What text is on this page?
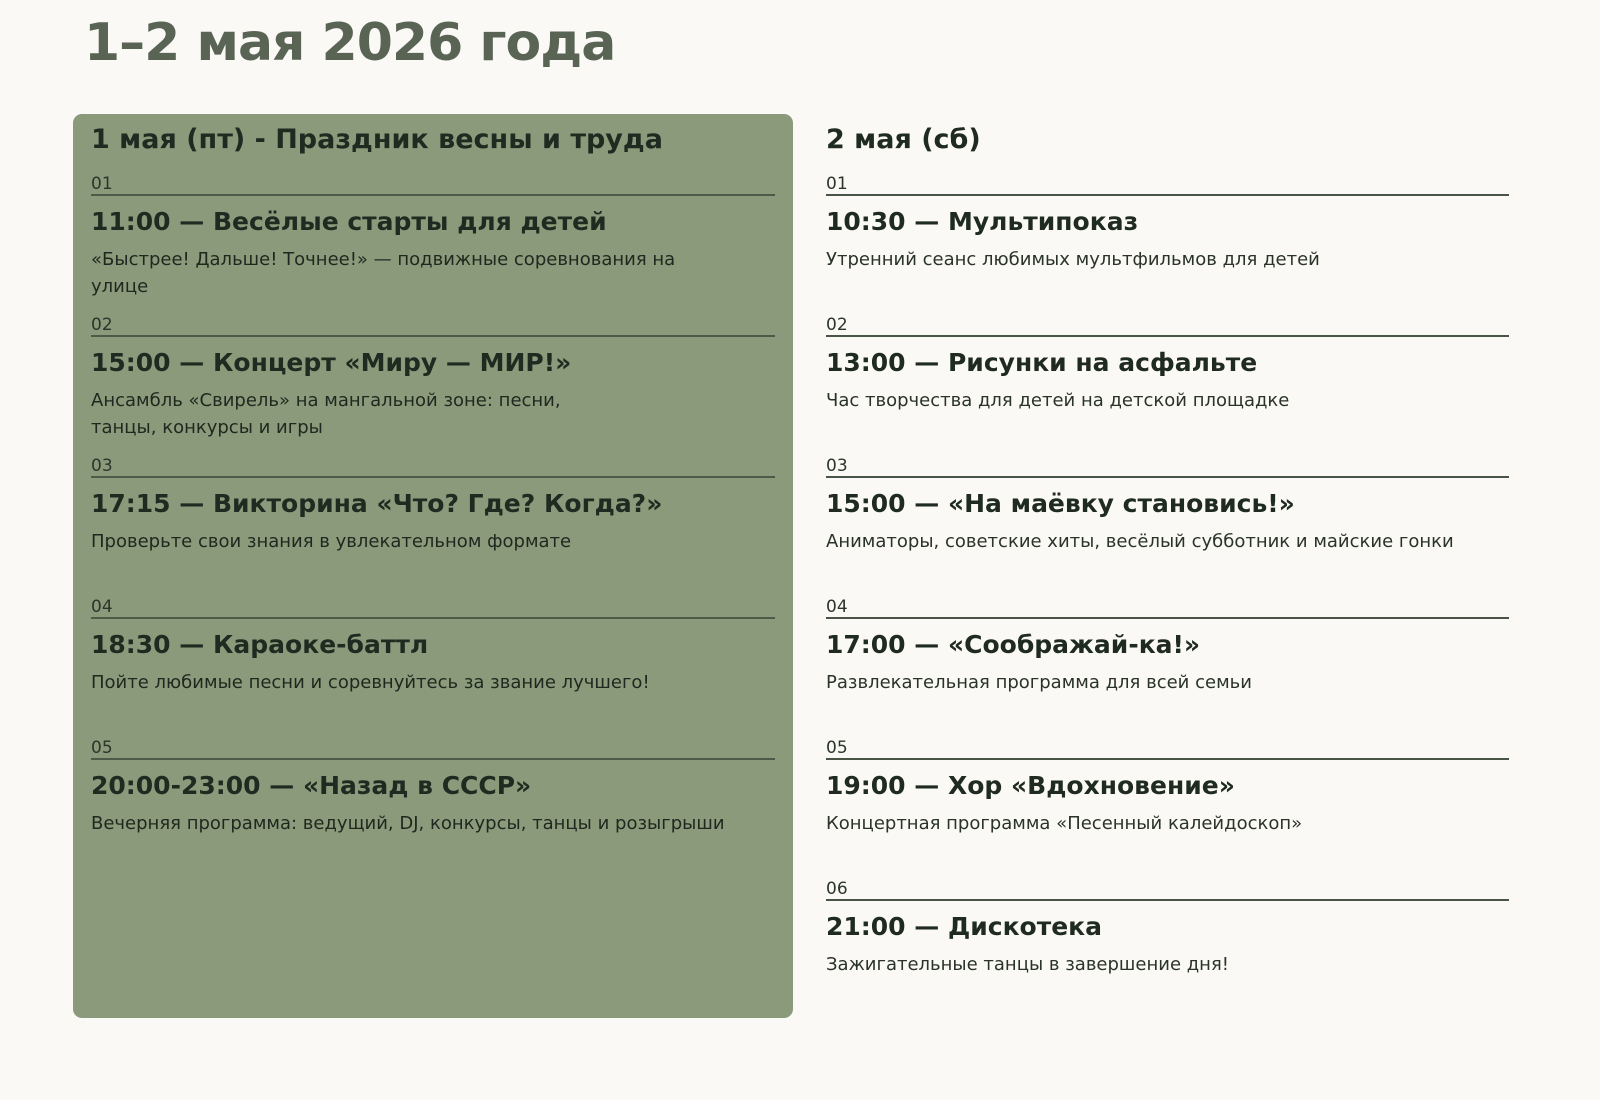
1–2 мая 2026 года
1 мая (пт) - Праздник весны и труда
01
11:00 — Весёлые старты для детей

«Быстрее! Дальше! Точнее!» — подвижные соревнования на улице

02
15:00 — Концерт «Миру — МИР!»

Ансамбль «Свирель» на мангальной зоне: песни, танцы, конкурсы и игры

03
17:15 — Викторина «Что? Где? Когда?»

Проверьте свои знания в увлекательном формате

04
18:30 — Караоке-баттл

Пойте любимые песни и соревнуйтесь за звание лучшего!

05
20:00-23:00 — «Назад в СССР»

Вечерняя программа: ведущий, DJ, конкурсы, танцы и розыгрыши

2 мая (сб)
01
10:30 — Мультипоказ

Утренний сеанс любимых мультфильмов для детей

02
13:00 — Рисунки на асфальте

Час творчества для детей на детской площадке

03
15:00 — «На маёвку становись!»

Аниматоры, советские хиты, весёлый субботник и майские гонки

04
17:00 — «Соображай-ка!»

Развлекательная программа для всей семьи

05
19:00 — Хор «Вдохновение»

Концертная программа «Песенный калейдоскоп»

06
21:00 — Дискотека

Зажигательные танцы в завершение дня!
